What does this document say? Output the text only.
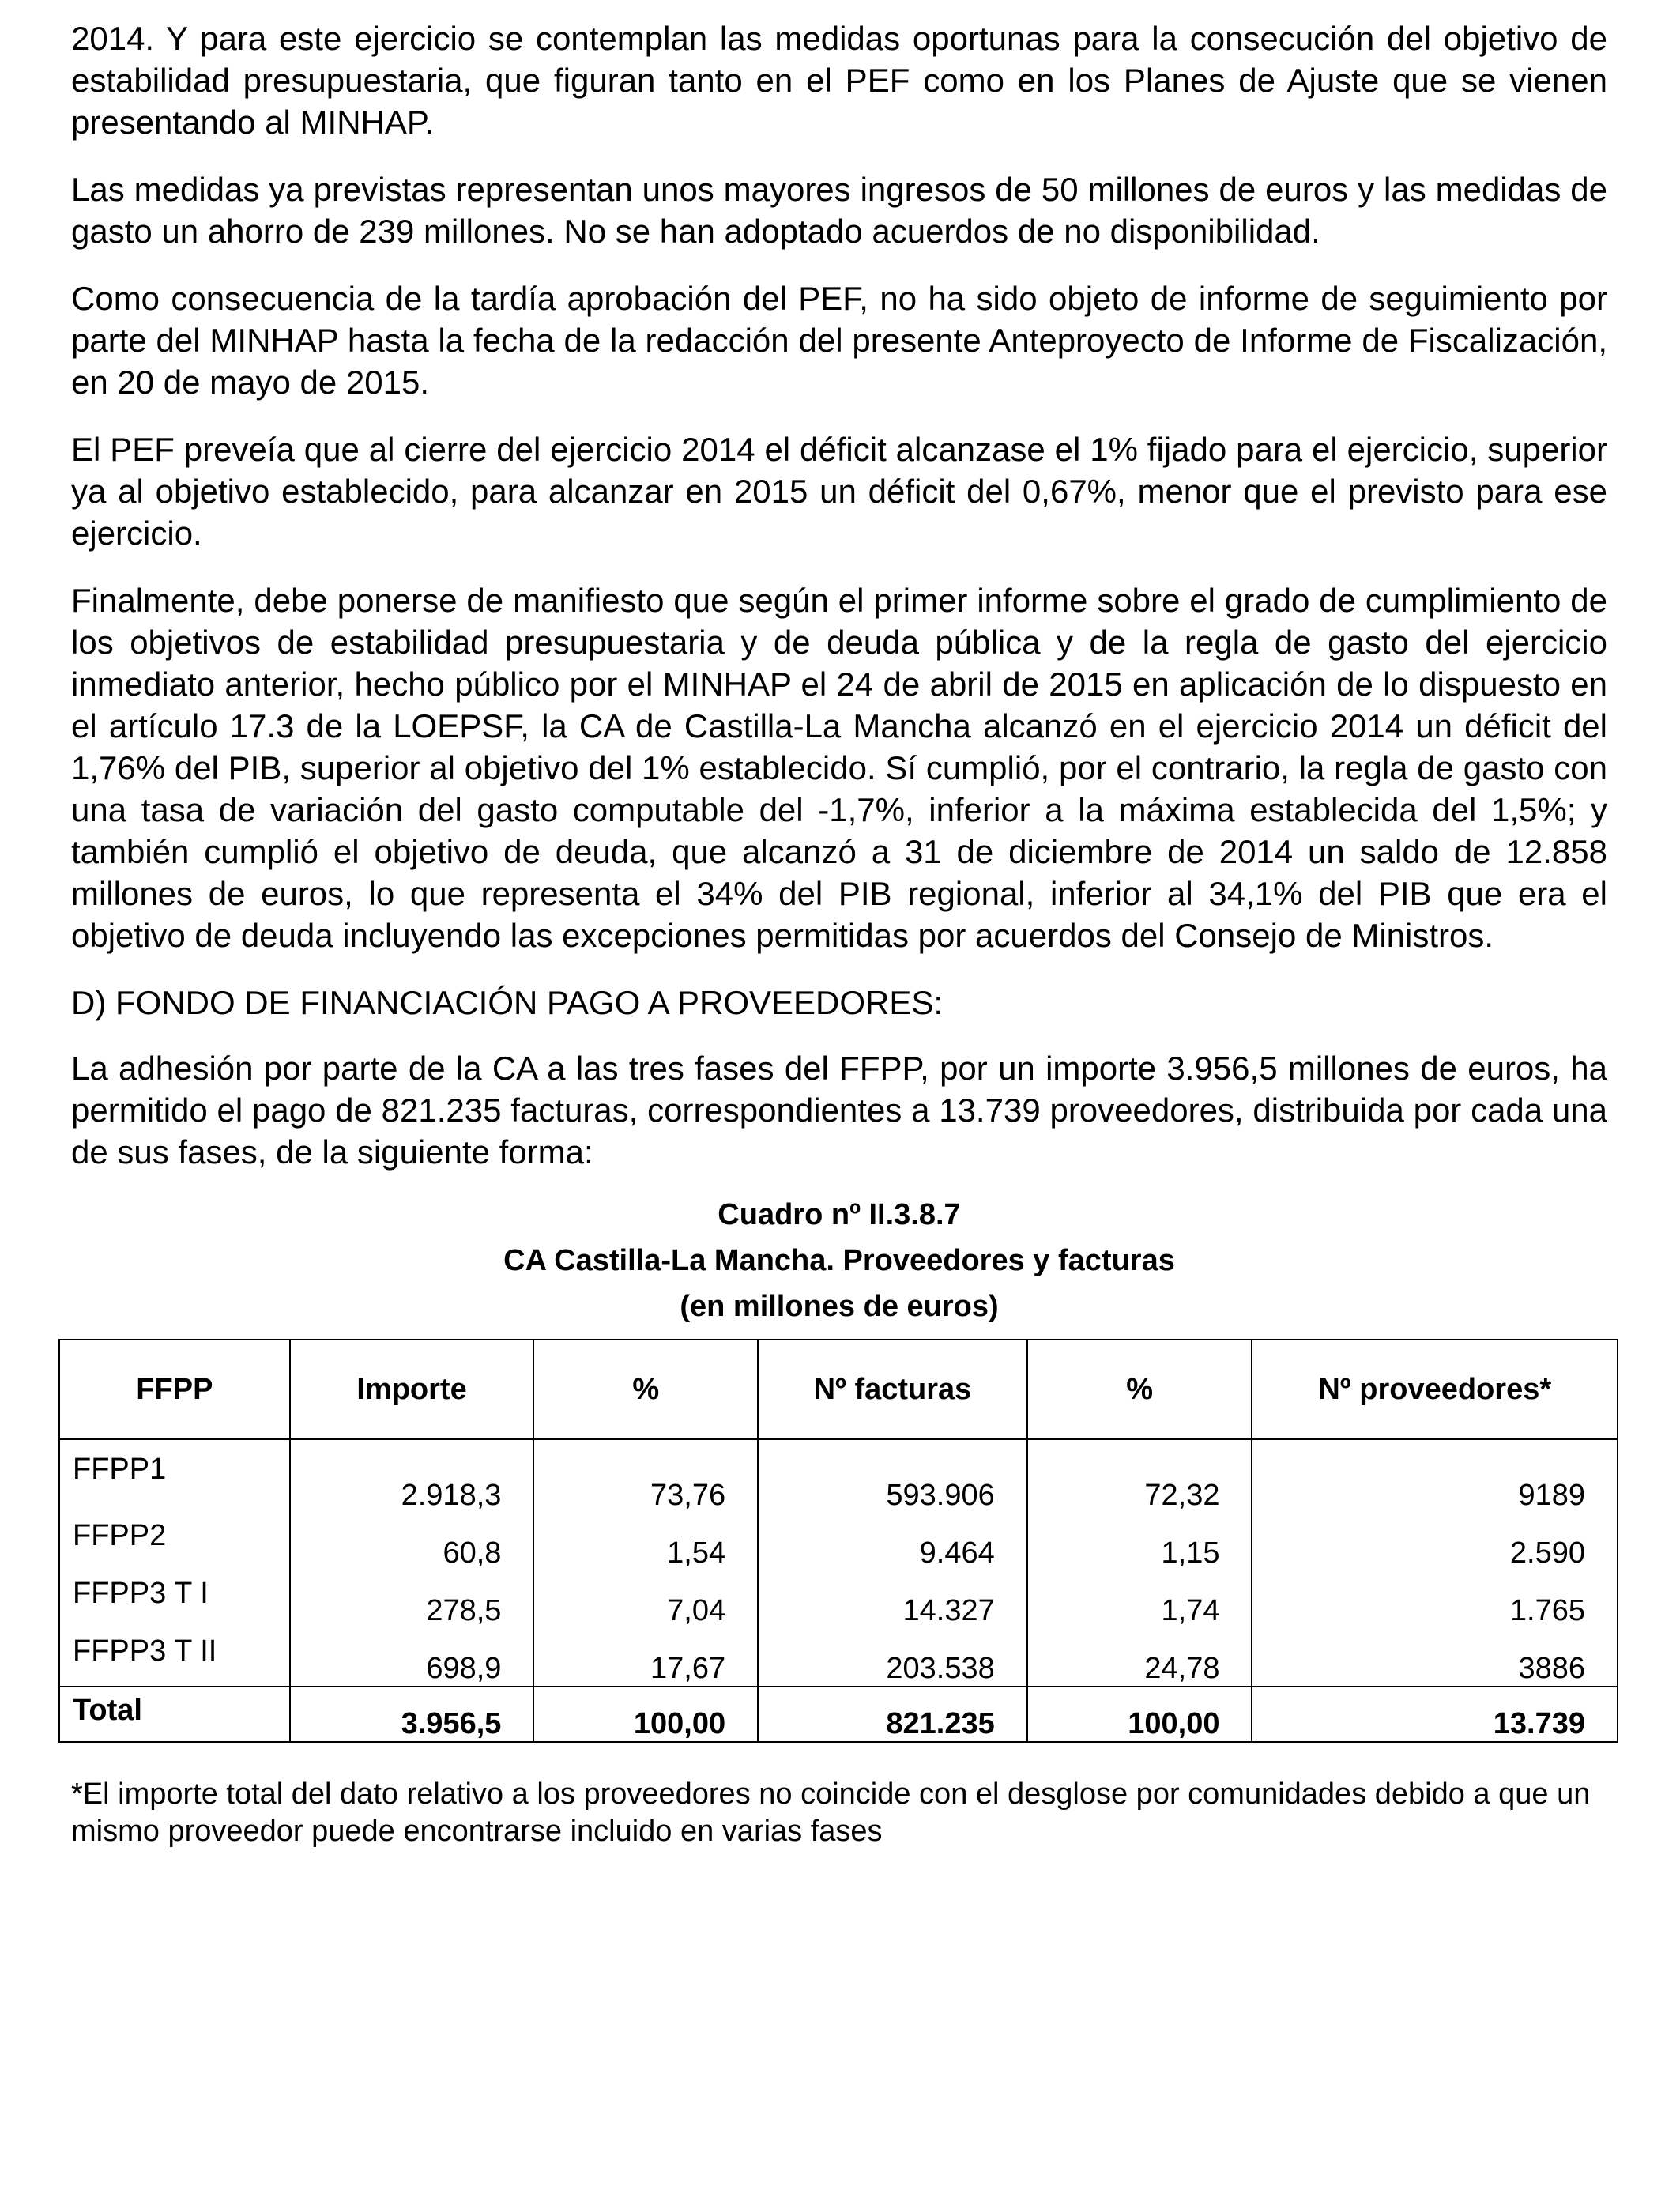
2014. Y para este ejercicio se contemplan las medidas oportunas para la consecución del objetivo de estabilidad presupuestaria, que figuran tanto en el PEF como en los Planes de Ajuste que se vienen presentando al MINHAP.

Las medidas ya previstas representan unos mayores ingresos de 50 millones de euros y las medidas de gasto un ahorro de 239 millones. No se han adoptado acuerdos de no disponibilidad.

Como consecuencia de la tardía aprobación del PEF, no ha sido objeto de informe de seguimiento por parte del MINHAP hasta la fecha de la redacción del presente Anteproyecto de Informe de Fiscalización, en 20 de mayo de 2015.

El PEF preveía que al cierre del ejercicio 2014 el déficit alcanzase el 1% fijado para el ejercicio, superior ya al objetivo establecido, para alcanzar en 2015 un déficit del 0,67%, menor que el previsto para ese ejercicio.

Finalmente, debe ponerse de manifiesto que según el primer informe sobre el grado de cumplimiento de los objetivos de estabilidad presupuestaria y de deuda pública y de la regla de gasto del ejercicio inmediato anterior, hecho público por el MINHAP el 24 de abril de 2015 en aplicación de lo dispuesto en el artículo 17.3 de la LOEPSF, la CA de Castilla-La Mancha alcanzó en el ejercicio 2014 un déficit del 1,76% del PIB, superior al objetivo del 1% establecido. Sí cumplió, por el contrario, la regla de gasto con una tasa de variación del gasto computable del -1,7%, inferior a la máxima establecida del 1,5%; y también cumplió el objetivo de deuda, que alcanzó a 31 de diciembre de 2014 un saldo de 12.858 millones de euros, lo que representa el 34% del PIB regional, inferior al 34,1% del PIB que era el objetivo de deuda incluyendo las excepciones permitidas por acuerdos del Consejo de Ministros.

D) FONDO DE FINANCIACIÓN PAGO A PROVEEDORES:

La adhesión por parte de la CA a las tres fases del FFPP, por un importe 3.956,5 millones de euros, ha permitido el pago de 821.235 facturas, correspondientes a 13.739 proveedores, distribuida por cada una de sus fases, de la siguiente forma:

Cuadro nº II.3.8.7

CA Castilla-La Mancha. Proveedores y facturas

(en millones de euros)

FFPP	Importe	%	Nº facturas	%	Nº proveedores*
FFPP1	2.918,3	73,76	593.906	72,32	9189
FFPP2	60,8	1,54	9.464	1,15	2.590
FFPP3 T I	278,5	7,04	14.327	1,74	1.765
FFPP3 T II	698,9	17,67	203.538	24,78	3886
Total	3.956,5	100,00	821.235	100,00	13.739

*El importe total del dato relativo a los proveedores no coincide con el desglose por comunidades debido a que un mismo proveedor puede encontrarse incluido en varias fases
